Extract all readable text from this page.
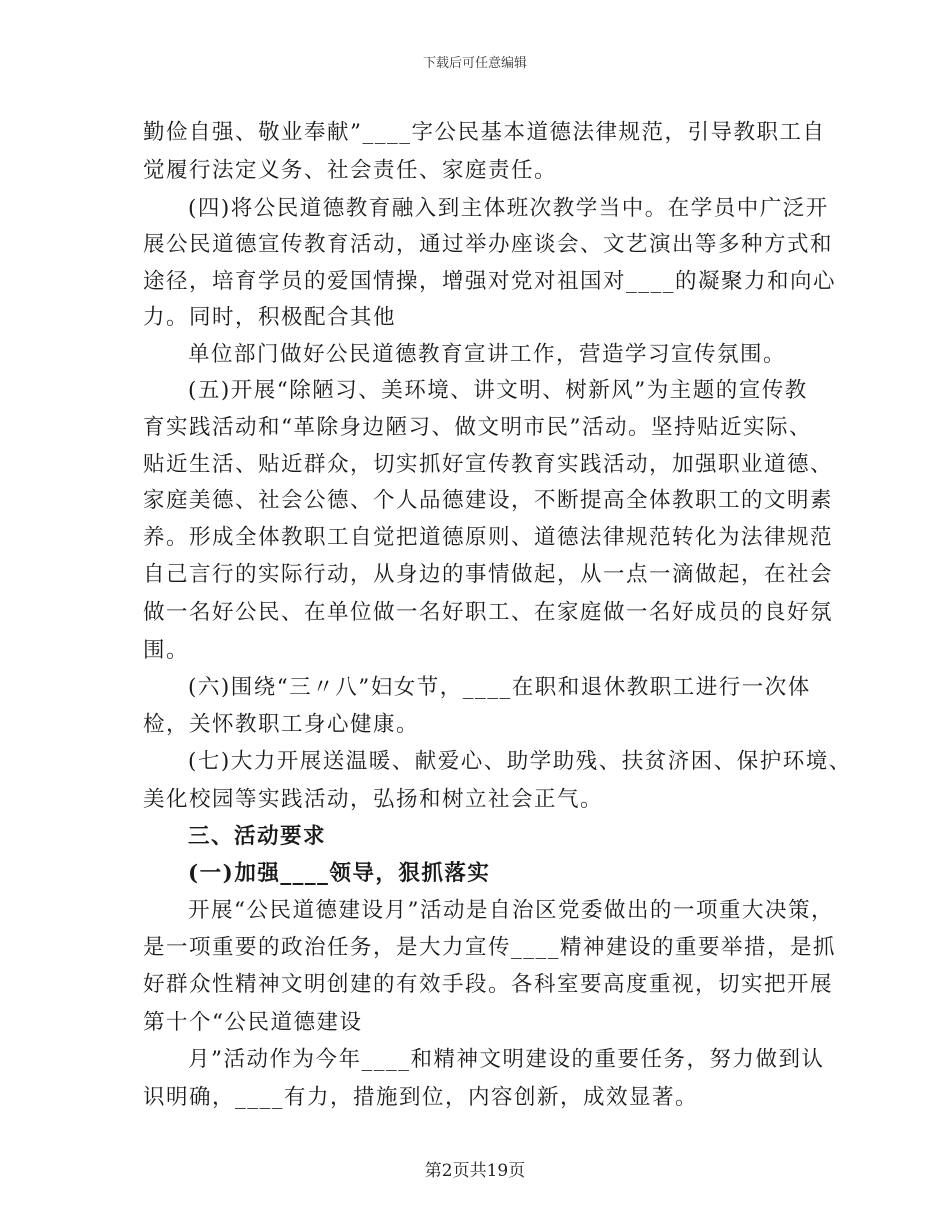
下载后可任意编辑
勤俭自强、敬业奉献”____字公民基本道德法律规范，引导教职工自
觉履行法定义务、社会责任、家庭责任。
(四)将公民道德教育融入到主体班次教学当中。在学员中广泛开
展公民道德宣传教育活动，通过举办座谈会、文艺演出等多种方式和
途径，培育学员的爱国情操，增强对党对祖国对____的凝聚力和向心
力。同时，积极配合其他
单位部门做好公民道德教育宣讲工作，营造学习宣传氛围。
(五)开展“除陋习、美环境、讲文明、树新风”为主题的宣传教
育实践活动和“革除身边陋习、做文明市民”活动。坚持贴近实际、
贴近生活、贴近群众，切实抓好宣传教育实践活动，加强职业道德、
家庭美德、社会公德、个人品德建设，不断提高全体教职工的文明素
养。形成全体教职工自觉把道德原则、道德法律规范转化为法律规范
自己言行的实际行动，从身边的事情做起，从一点一滴做起，在社会
做一名好公民、在单位做一名好职工、在家庭做一名好成员的良好氛
围。
(六)围绕“三〃八”妇女节，____在职和退休教职工进行一次体
检，关怀教职工身心健康。
(七)大力开展送温暖、献爱心、助学助残、扶贫济困、保护环境、
美化校园等实践活动，弘扬和树立社会正气。
三、活动要求
(一)加强____领导，狠抓落实
开展“公民道德建设月”活动是自治区党委做出的一项重大决策，
是一项重要的政治任务，是大力宣传____精神建设的重要举措，是抓
好群众性精神文明创建的有效手段。各科室要高度重视，切实把开展
第十个“公民道德建设
月”活动作为今年____和精神文明建设的重要任务，努力做到认
识明确，____有力，措施到位，内容创新，成效显著。
第2页共19页
